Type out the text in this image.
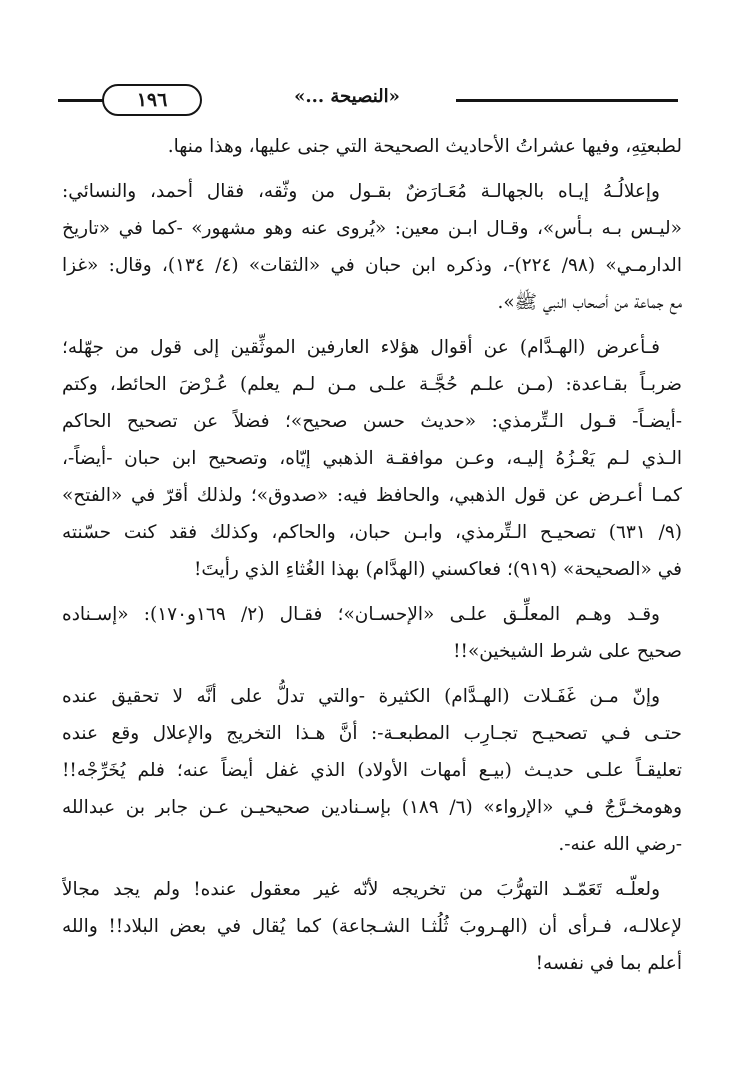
١٩٦	«النصيحة ...»
لطبعتِهِ، وفيها عشراتُ الأحاديث الصحيحة التي جنى عليها، وهذا منها.
وإعلالُـهُ إيـاه بالجهالـة مُعَـارَضٌ بقـول من وثّقه، فقال أحمد، والنسائي:
«ليـس بـه بـأس»، وقـال ابـن معين: «يُروى عنه وهو مشهور» -كما في «تاريخ
الدارمـي» (٩٨/ ٢٢٤)-، وذكره ابن حبان في «الثقات» (٤/ ١٣٤)، وقال: «غزا
مع جماعة من أصحاب النبي ﷺ».
فـأعرض (الهـدَّام) عن أقوال هؤلاء العارفين الموثِّقين إلى قول من جهّله؛
ضربـاً بقـاعدة: (مـن علـم حُجَّـة علـى مـن لـم يعلم) عُـرْضَ الحائط، وكتم
-أيضـاً- قـول الـتِّرمذي: «حديث حسن صحيح»؛ فضلاً عن تصحيح الحاكم
الـذي لـم يَعْـزُهُ إليـه، وعـن موافقـة الذهبي إيّاه، وتصحيح ابن حبان -أيضاً-،
كمـا أعـرض عن قول الذهبي، والحافظ فيه: «صدوق»؛ ولذلك أقرّ في «الفتح»
(٩/ ٦٣١) تصحيـح الـتِّرمذي، وابـن حبان، والحاكم، وكذلك فقد كنت حسّنته
في «الصحيحة» (٩١٩)؛ فعاكسني (الهدَّام) بهذا الغُثاءِ الذي رأيتَ!
وقـد وهـم المعلِّـق علـى «الإحسـان»؛ فقـال (٢/ ١٦٩و١٧٠): «إسـناده
صحيح على شرط الشيخين»!!
وإنّ مـن غَفَـلات (الهـدَّام) الكثيرة -والتي تدلُّ على أنَّه لا تحقيق عنده
حتـى فـي تصحيـح تجـارِب المطبعـة-: أنَّ هـذا التخريج والإعلال وقع عنده
تعليقـاً علـى حديـث (بيـع أمهات الأولاد) الذي غفل أيضاً عنه؛ فلم يُخَرِّجْه!!
وهومخـرَّجٌ فـي «الإرواء» (٦/ ١٨٩) بإسـنادين صحيحيـن عـن جابر بن عبدالله
-رضي الله عنه-.
ولعلّـه تَعَمّـد التهرُّبَ من تخريجه لأنّه غير معقول عنده! ولم يجد مجالاً
لإعلالـه، فـرأى أن (الهـروبَ ثُلُثـا الشـجاعة) كما يُقال في بعض البلاد!! والله
أعلم بما في نفسه!
